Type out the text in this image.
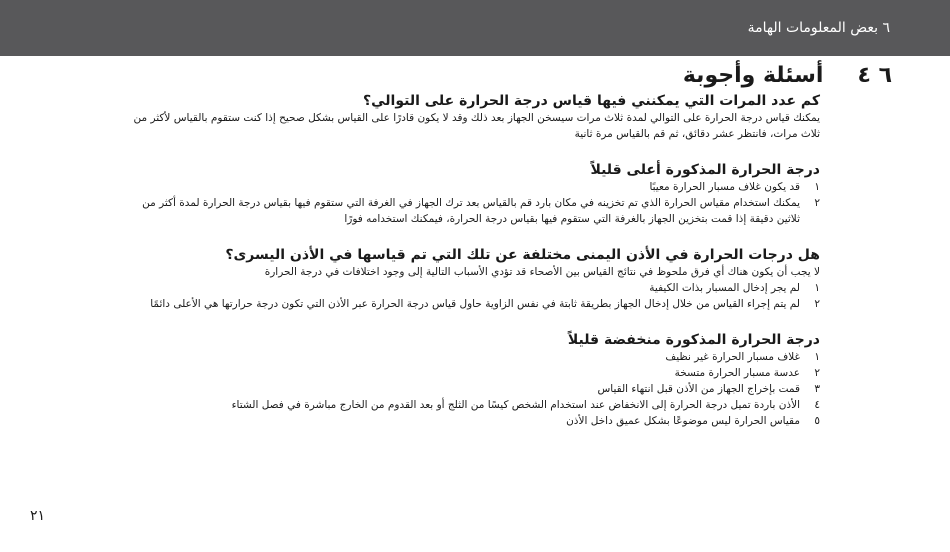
٦ بعض المعلومات الهامة
٦ ٤أسئلة وأجوبة
كم عدد المرات التي يمكنني فيها قياس درجة الحرارة على التوالي؟

يمكنك قياس درجة الحرارة على التوالي لمدة ثلاث مرات سيسخن الجهاز بعد ذلك وقد لا يكون قادرًا على القياس بشكل صحيح إذا كنت ستقوم بالقياس لأكثر من ثلاث مرات، فانتظر عشر دقائق، ثم قم بالقياس مرة ثانية

درجة الحرارة المذكورة أعلى قليلاً
١
قد يكون غلاف مسبار الحرارة معيبًا
٢
يمكنك استخدام مقياس الحرارة الذي تم تخزينه في مكان بارد قم بالقياس بعد ترك الجهاز في الغرفة التي ستقوم فيها بقياس درجة الحرارة لمدة أكثر من ثلاثين دقيقة إذا قمت بتخزين الجهاز بالغرفة التي ستقوم فيها بقياس درجة الحرارة، فيمكنك استخدامه فورًا
هل درجات الحرارة في الأذن اليمنى مختلفة عن تلك التي تم قياسها في الأذن اليسرى؟

لا يجب أن يكون هناك أي فرق ملحوظ في نتائج القياس بين الأصحاء قد تؤدي الأسباب التالية إلى وجود اختلافات في درجة الحرارة

١
لم يجر إدخال المسبار بذات الكيفية
٢
لم يتم إجراء القياس من خلال إدخال الجهاز بطريقة ثابتة في نفس الزاوية حاول قياس درجة الحرارة عبر الأذن التي تكون درجة حرارتها هي الأعلى دائمًا
درجة الحرارة المذكورة منخفضة قليلاً
١
غلاف مسبار الحرارة غير نظيف
٢
عدسة مسبار الحرارة متسخة
٣
قمت بإخراج الجهاز من الأذن قبل انتهاء القياس
٤
الأذن باردة تميل درجة الحرارة إلى الانخفاض عند استخدام الشخص كيسًا من الثلج أو بعد القدوم من الخارج مباشرة في فصل الشتاء
٥
مقياس الحرارة ليس موضوعًا بشكل عميق داخل الأذن
٢١
